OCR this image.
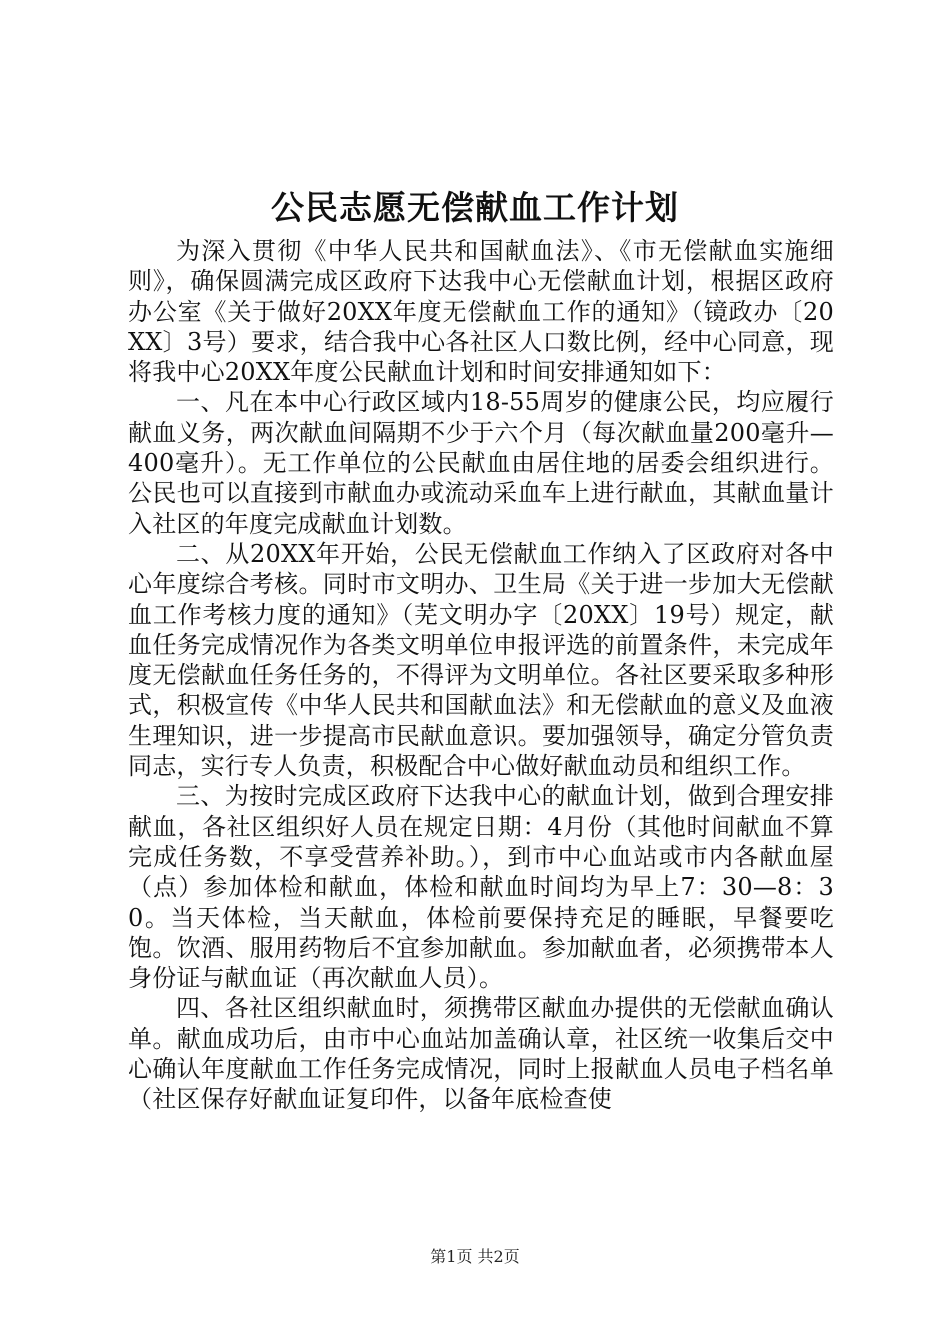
公民志愿无偿献血工作计划

为深入贯彻《中华人民共和国献血法》、《市无偿献血实施细则》，确保圆满完成区政府下达我中心无偿献血计划，根据区政府办公室《关于做好20XX年度无偿献血工作的通知》（镜政办〔20XX〕3号）要求，结合我中心各社区人口数比例，经中心同意，现将我中心20XX年度公民献血计划和时间安排通知如下：

一、凡在本中心行政区域内18-55周岁的健康公民，均应履行献血义务，两次献血间隔期不少于六个月（每次献血量200毫升—400毫升）。无工作单位的公民献血由居住地的居委会组织进行。公民也可以直接到市献血办或流动采血车上进行献血，其献血量计入社区的年度完成献血计划数。

二、从20XX年开始，公民无偿献血工作纳入了区政府对各中心年度综合考核。同时市文明办、卫生局《关于进一步加大无偿献血工作考核力度的通知》（芜文明办字〔20XX〕19号）规定，献血任务完成情况作为各类文明单位申报评选的前置条件，未完成年度无偿献血任务任务的，不得评为文明单位。各社区要采取多种形式，积极宣传《中华人民共和国献血法》和无偿献血的意义及血液生理知识，进一步提高市民献血意识。要加强领导，确定分管负责同志，实行专人负责，积极配合中心做好献血动员和组织工作。

三、为按时完成区政府下达我中心的献血计划，做到合理安排献血，各社区组织好人员在规定日期：4月份（其他时间献血不算完成任务数，不享受营养补助。），到市中心血站或市内各献血屋（点）参加体检和献血，体检和献血时间均为早上7：30—8：30。当天体检，当天献血，体检前要保持充足的睡眠，早餐要吃饱。饮酒、服用药物后不宜参加献血。参加献血者，必须携带本人身份证与献血证（再次献血人员）。

四、各社区组织献血时，须携带区献血办提供的无偿献血确认单。献血成功后，由市中心血站加盖确认章，社区统一收集后交中心确认年度献血工作任务完成情况，同时上报献血人员电子档名单（社区保存好献血证复印件，以备年底检查使

第1页 共2页
